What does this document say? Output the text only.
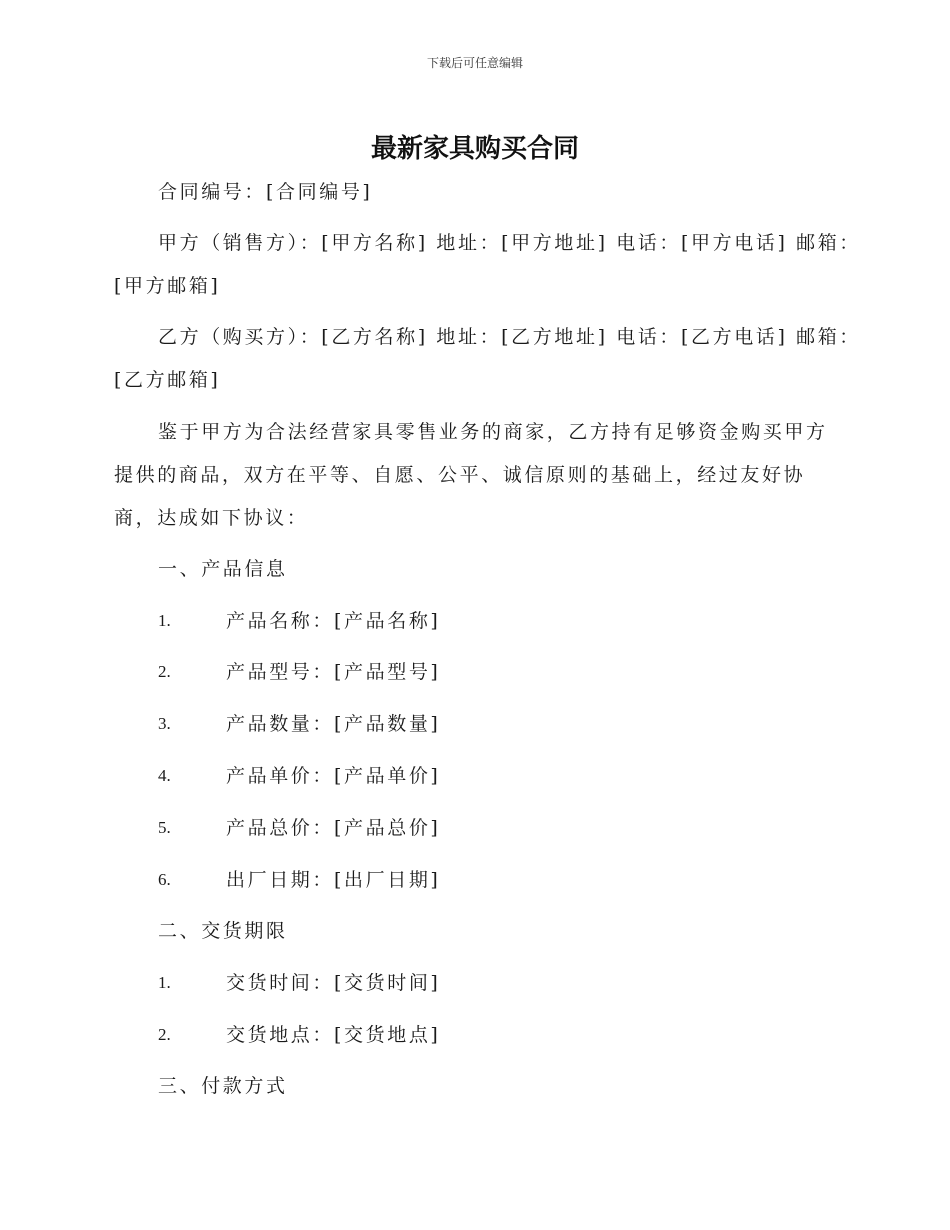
下载后可任意编辑
最新家具购买合同
合同编号：[合同编号]
甲方（销售方）：[甲方名称] 地址：[甲方地址] 电话：[甲方电话] 邮箱：
[甲方邮箱]
乙方（购买方）：[乙方名称] 地址：[乙方地址] 电话：[乙方电话] 邮箱：
[乙方邮箱]
鉴于甲方为合法经营家具零售业务的商家，乙方持有足够资金购买甲方
提供的商品，双方在平等、自愿、公平、诚信原则的基础上，经过友好协
商，达成如下协议：
一、产品信息
1.	产品名称：[产品名称]
2.	产品型号：[产品型号]
3.	产品数量：[产品数量]
4.	产品单价：[产品单价]
5.	产品总价：[产品总价]
6.	出厂日期：[出厂日期]
二、交货期限
1.	交货时间：[交货时间]
2.	交货地点：[交货地点]
三、付款方式
